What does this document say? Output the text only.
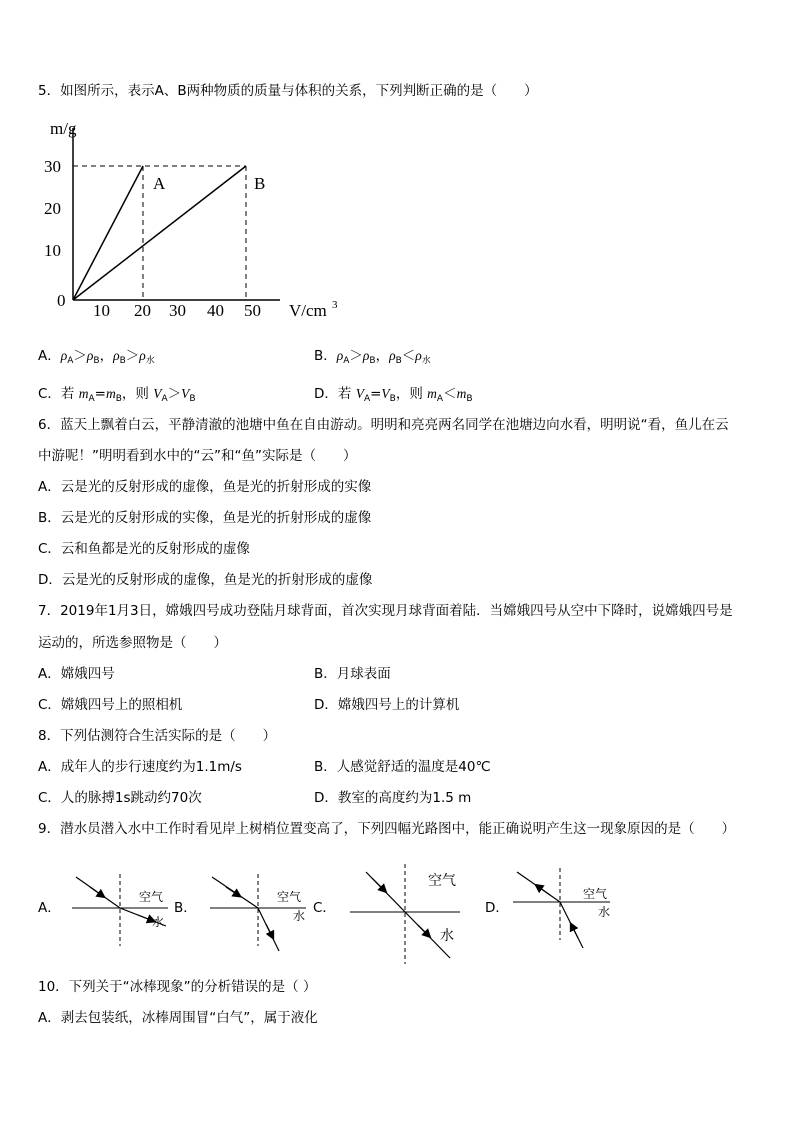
5．如图所示，表示A、B两种物质的质量与体积的关系，下列判断正确的是（　　）
m/g
30
20
10
0
10 20 30 40 50 V/cm 3
A	B
A．$\rho_A>\rho_B$，$\rho_B>\rho_水$	B．$\rho_A>\rho_B$，$\rho_B<\rho_水$
C．若 $m_A=m_B$，则 $V_A>V_B$	D．若 $V_A=V_B$，则 $m_A<m_B$
6．蓝天上飘着白云，平静清澈的池塘中鱼在自由游动。明明和亮亮两名同学在池塘边向水看，明明说“看，鱼儿在云
中游呢！”明明看到水中的“云”和“鱼”实际是（　　）
A．云是光的反射形成的虚像，鱼是光的折射形成的实像
B．云是光的反射形成的实像，鱼是光的折射形成的虚像
C．云和鱼都是光的反射形成的虚像
D．云是光的反射形成的虚像，鱼是光的折射形成的虚像
7．2019年1月3日，嫦娥四号成功登陆月球背面，首次实现月球背面着陆．当嫦娥四号从空中下降时，说嫦娥四号是
运动的，所选参照物是（　　）
A．嫦娥四号	B．月球表面
C．嫦娥四号上的照相机	D．嫦娥四号上的计算机
8．下列估测符合生活实际的是（　　）
A．成年人的步行速度约为1.1m/s	B．人感觉舒适的温度是40℃
C．人的脉搏1s跳动约70次	D．教室的高度约为1.5 m
9．潜水员潜入水中工作时看见岸上树梢位置变高了，下列四幅光路图中，能正确说明产生这一现象原因的是（　　）
A．	B．	C．	D．
空气
水
空气
水
空气
水
空气
水
10．下列关于“冰棒现象”的分析错误的是（ ）
A．剥去包装纸，冰棒周围冒“白气”，属于液化
